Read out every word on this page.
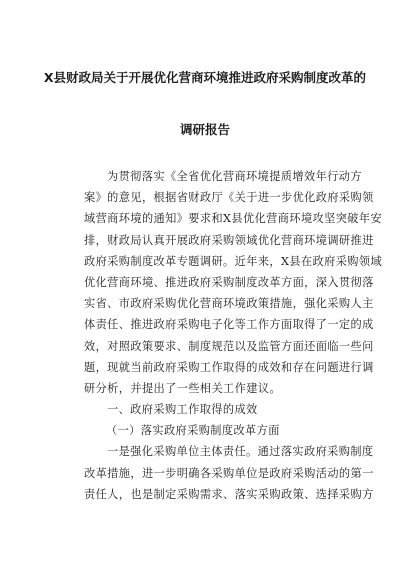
X县财政局关于开展优化营商环境推进政府采购制度改革的
调研报告
为贯彻落实《全省优化营商环境提质增效年行动方
案》的意见，根据省财政厅《关于进一步优化政府采购领
域营商环境的通知》要求和X县优化营商环境攻坚突破年安
排，财政局认真开展政府采购领域优化营商环境调研推进
政府采购制度改革专题调研。近年来，X县在政府采购领域
优化营商环境、推进政府采购制度改革方面，深入贯彻落
实省、市政府采购优化营商环境政策措施，强化采购人主
体责任、推进政府采购电子化等工作方面取得了一定的成
效，对照政策要求、制度规范以及监管方面还面临一些问
题，现就当前政府采购工作取得的成效和存在问题进行调
研分析，并提出了一些相关工作建议。
一、政府采购工作取得的成效
（一）落实政府采购制度改革方面
一是强化采购单位主体责任。通过落实政府采购制度
改革措施，进一步明确各采购单位是政府采购活动的第一
责任人，也是制定采购需求、落实采购政策、选择采购方
